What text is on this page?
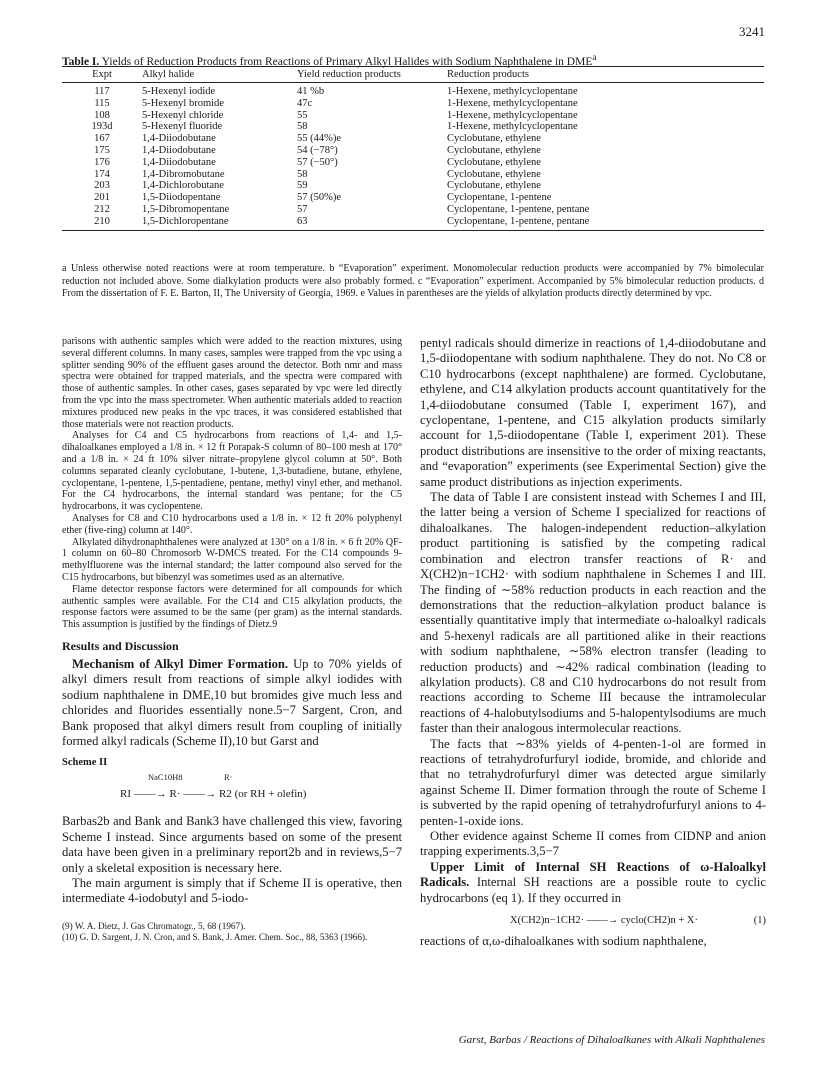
3241
Table I. Yields of Reduction Products from Reactions of Primary Alkyl Halides with Sodium Naphthalene in DME$^a$
Expt	Alkyl halide	Yield reduction products	Reduction products
117	5-Hexenyl iodide	41 %b	1-Hexene, methylcyclopentane
115	5-Hexenyl bromide	47c	1-Hexene, methylcyclopentane
108	5-Hexenyl chloride	55	1-Hexene, methylcyclopentane
193d	5-Hexenyl fluoride	58	1-Hexene, methylcyclopentane
167	1,4-Diiodobutane	55 (44%)e	Cyclobutane, ethylene
175	1,4-Diiodobutane	54 (−78°)	Cyclobutane, ethylene
176	1,4-Diiodobutane	57 (−50°)	Cyclobutane, ethylene
174	1,4-Dibromobutane	58	Cyclobutane, ethylene
203	1,4-Dichlorobutane	59	Cyclobutane, ethylene
201	1,5-Diiodopentane	57 (50%)e	Cyclopentane, 1-pentene
212	1,5-Dibromopentane	57	Cyclopentane, 1-pentene, pentane
210	1,5-Dichloropentane	63	Cyclopentane, 1-pentene, pentane
a Unless otherwise noted reactions were at room temperature. b “Evaporation” experiment. Monomolecular reduction products were accompanied by 7% bimolecular reduction not included above. Some dialkylation products were also probably formed. c “Evaporation” experiment. Accompanied by 5% bimolecular reduction products. d From the dissertation of F. E. Barton, II, The University of Georgia, 1969. e Values in parentheses are the yields of alkylation products directly determined by vpc.

parisons with authentic samples which were added to the reaction mixtures, using several different columns. In many cases, samples were trapped from the vpc using a splitter sending 90% of the effluent gases around the detector. Both nmr and mass spectra were obtained for trapped materials, and the spectra were compared with those of authentic samples. In other cases, gases separated by vpc were led directly from the vpc into the mass spectrometer. When authentic materials added to reaction mixtures produced new peaks in the vpc traces, it was considered established that those materials were not reaction products.

Analyses for C4 and C5 hydrocarbons from reactions of 1,4- and 1,5-dihaloalkanes employed a 1/8 in. × 12 ft Porapak-S column of 80–100 mesh at 170° and a 1/8 in. × 24 ft 10% silver nitrate–propylene glycol column at 50°. Both columns separated cleanly cyclobutane, 1-butene, 1,3-butadiene, butane, ethylene, cyclopentane, 1-pentene, 1,5-pentadiene, pentane, methyl vinyl ether, and methanol. For the C4 hydrocarbons, the internal standard was pentane; for the C5 hydrocarbons, it was cyclopentene.

Analyses for C8 and C10 hydrocarbons used a 1/8 in. × 12 ft 20% polyphenyl ether (five-ring) column at 140°.

Alkylated dihydronaphthalenes were analyzed at 130° on a 1/8 in. × 6 ft 20% QF-1 column on 60–80 Chromosorb W-DMCS treated. For the C14 compounds 9-methylfluorene was the internal standard; the latter compound also served for the C15 hydrocarbons, but bibenzyl was sometimes used as an alternative.

Flame detector response factors were determined for all compounds for which authentic samples were available. For the C14 and C15 alkylation products, the response factors were assumed to be the same (per gram) as the internal standards. This assumption is justified by the findings of Dietz.9

Results and Discussion

Mechanism of Alkyl Dimer Formation. Up to 70% yields of alkyl dimers result from reactions of simple alkyl iodides with sodium naphthalene in DME,10 but bromides give much less and chlorides and fluorides essentially none.5−7 Sargent, Cron, and Bank proposed that alkyl dimers result from coupling of initially formed alkyl radicals (Scheme II),10 but Garst and

Scheme II
NaC10H8	R·
RI ——→ R· ——→ R2 (or RH + olefin)

Barbas2b and Bank and Bank3 have challenged this view, favoring Scheme I instead. Since arguments based on some of the present data have been given in a preliminary report2b and in reviews,5−7 only a skeletal exposition is necessary here.

The main argument is simply that if Scheme II is operative, then intermediate 4-iodobutyl and 5-iodo-

(9) W. A. Dietz, J. Gas Chromatogr., 5, 68 (1967).

(10) G. D. Sargent, J. N. Cron, and S. Bank, J. Amer. Chem. Soc., 88, 5363 (1966).

pentyl radicals should dimerize in reactions of 1,4-diiodobutane and 1,5-diiodopentane with sodium naphthalene. They do not. No C8 or C10 hydrocarbons (except naphthalene) are formed. Cyclobutane, ethylene, and C14 alkylation products account quantitatively for the 1,4-diiodobutane consumed (Table I, experiment 167), and cyclopentane, 1-pentene, and C15 alkylation products similarly account for 1,5-diiodopentane (Table I, experiment 201). These product distributions are insensitive to the order of mixing reactants, and “evaporation” experiments (see Experimental Section) give the same product distributions as injection experiments.

The data of Table I are consistent instead with Schemes I and III, the latter being a version of Scheme I specialized for reactions of dihaloalkanes. The halogen-independent reduction–alkylation product partitioning is satisfied by the competing radical combination and electron transfer reactions of R· and X(CH2)n−1CH2· with sodium naphthalene in Schemes I and III. The finding of ∼58% reduction products in each reaction and the demonstrations that the reduction–alkylation product balance is essentially quantitative imply that intermediate ω-haloalkyl radicals and 5-hexenyl radicals are all partitioned alike in their reactions with sodium naphthalene, ∼58% electron transfer (leading to reduction products) and ∼42% radical combination (leading to alkylation products). C8 and C10 hydrocarbons do not result from reactions according to Scheme III because the intramolecular reactions of 4-halobutylsodiums and 5-halopentylsodiums are much faster than their analogous intermolecular reactions.

The facts that ∼83% yields of 4-penten-1-ol are formed in reactions of tetrahydrofurfuryl iodide, bromide, and chloride and that no tetrahydrofurfuryl dimer was detected argue similarly against Scheme II. Dimer formation through the route of Scheme I is subverted by the rapid opening of tetrahydrofurfuryl anions to 4-penten-1-oxide ions.

Other evidence against Scheme II comes from CIDNP and anion trapping experiments.3,5−7

Upper Limit of Internal SH Reactions of ω-Haloalkyl Radicals. Internal SH reactions are a possible route to cyclic hydrocarbons (eq 1). If they occurred in

X(CH2)n−1CH2· ——→ cyclo(CH2)n + X·	(1)

reactions of α,ω-dihaloalkanes with sodium naphthalene,

Garst, Barbas / Reactions of Dihaloalkanes with Alkali Naphthalenes
